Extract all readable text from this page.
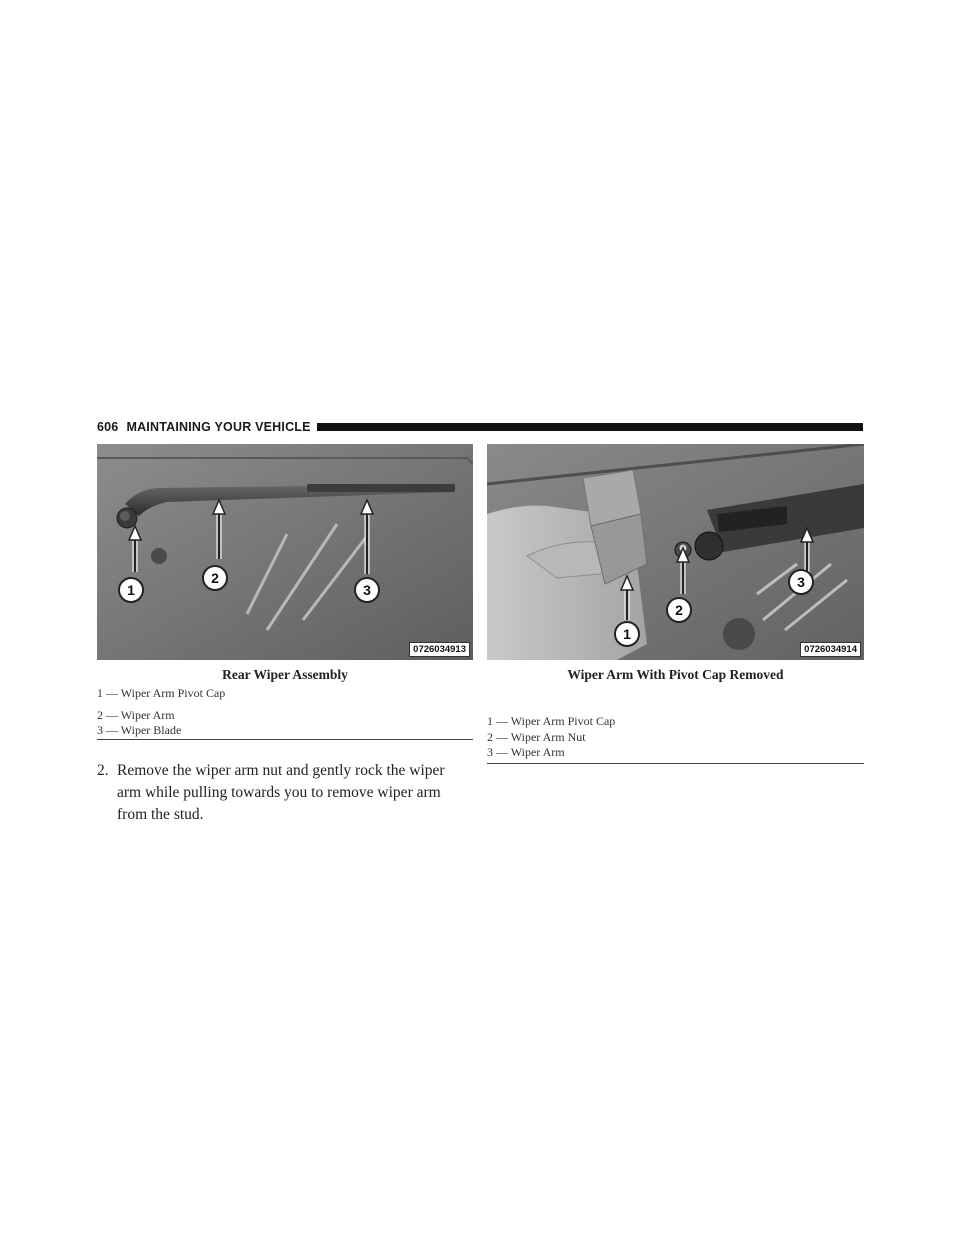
606 MAINTAINING YOUR VEHICLE
1
2
3
0726034913
1
2
3
0726034914
Rear Wiper Assembly	Wiper Arm With Pivot Cap Removed
1 — Wiper Arm Pivot Cap
2 — Wiper Arm
3 — Wiper Blade
1 — Wiper Arm Pivot Cap
2 — Wiper Arm Nut
3 — Wiper Arm
2. Remove the wiper arm nut and gently rock the wiper
arm while pulling towards you to remove wiper arm
from the stud.
